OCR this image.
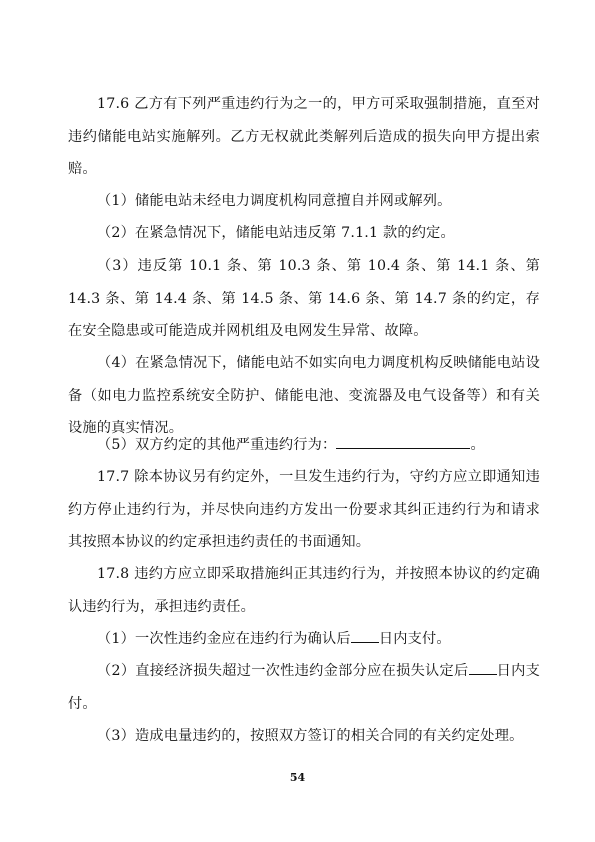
17.6 乙方有下列严重违约行为之一的，甲方可采取强制措施，直至对违约储能电站实施解列。乙方无权就此类解列后造成的损失向甲方提出索赔。

（1）储能电站未经电力调度机构同意擅自并网或解列。

（2）在紧急情况下，储能电站违反第 7.1.1 款的约定。

（3）违反第 10.1 条、第 10.3 条、第 10.4 条、第 14.1 条、第 14.3 条、第 14.4 条、第 14.5 条、第 14.6 条、第 14.7 条的约定，存在安全隐患或可能造成并网机组及电网发生异常、故障。

（4）在紧急情况下，储能电站不如实向电力调度机构反映储能电站设备（如电力监控系统安全防护、储能电池、变流器及电气设备等）和有关设施的真实情况。

（5）双方约定的其他严重违约行为：	。

17.7 除本协议另有约定外，一旦发生违约行为，守约方应立即通知违约方停止违约行为，并尽快向违约方发出一份要求其纠正违约行为和请求其按照本协议的约定承担违约责任的书面通知。

17.8 违约方应立即采取措施纠正其违约行为，并按照本协议的约定确认违约行为，承担违约责任。

（1）一次性违约金应在违约行为确认后 日内支付。

（2）直接经济损失超过一次性违约金部分应在损失认定后 日内支付。

（3）造成电量违约的，按照双方签订的相关合同的有关约定处理。

54
